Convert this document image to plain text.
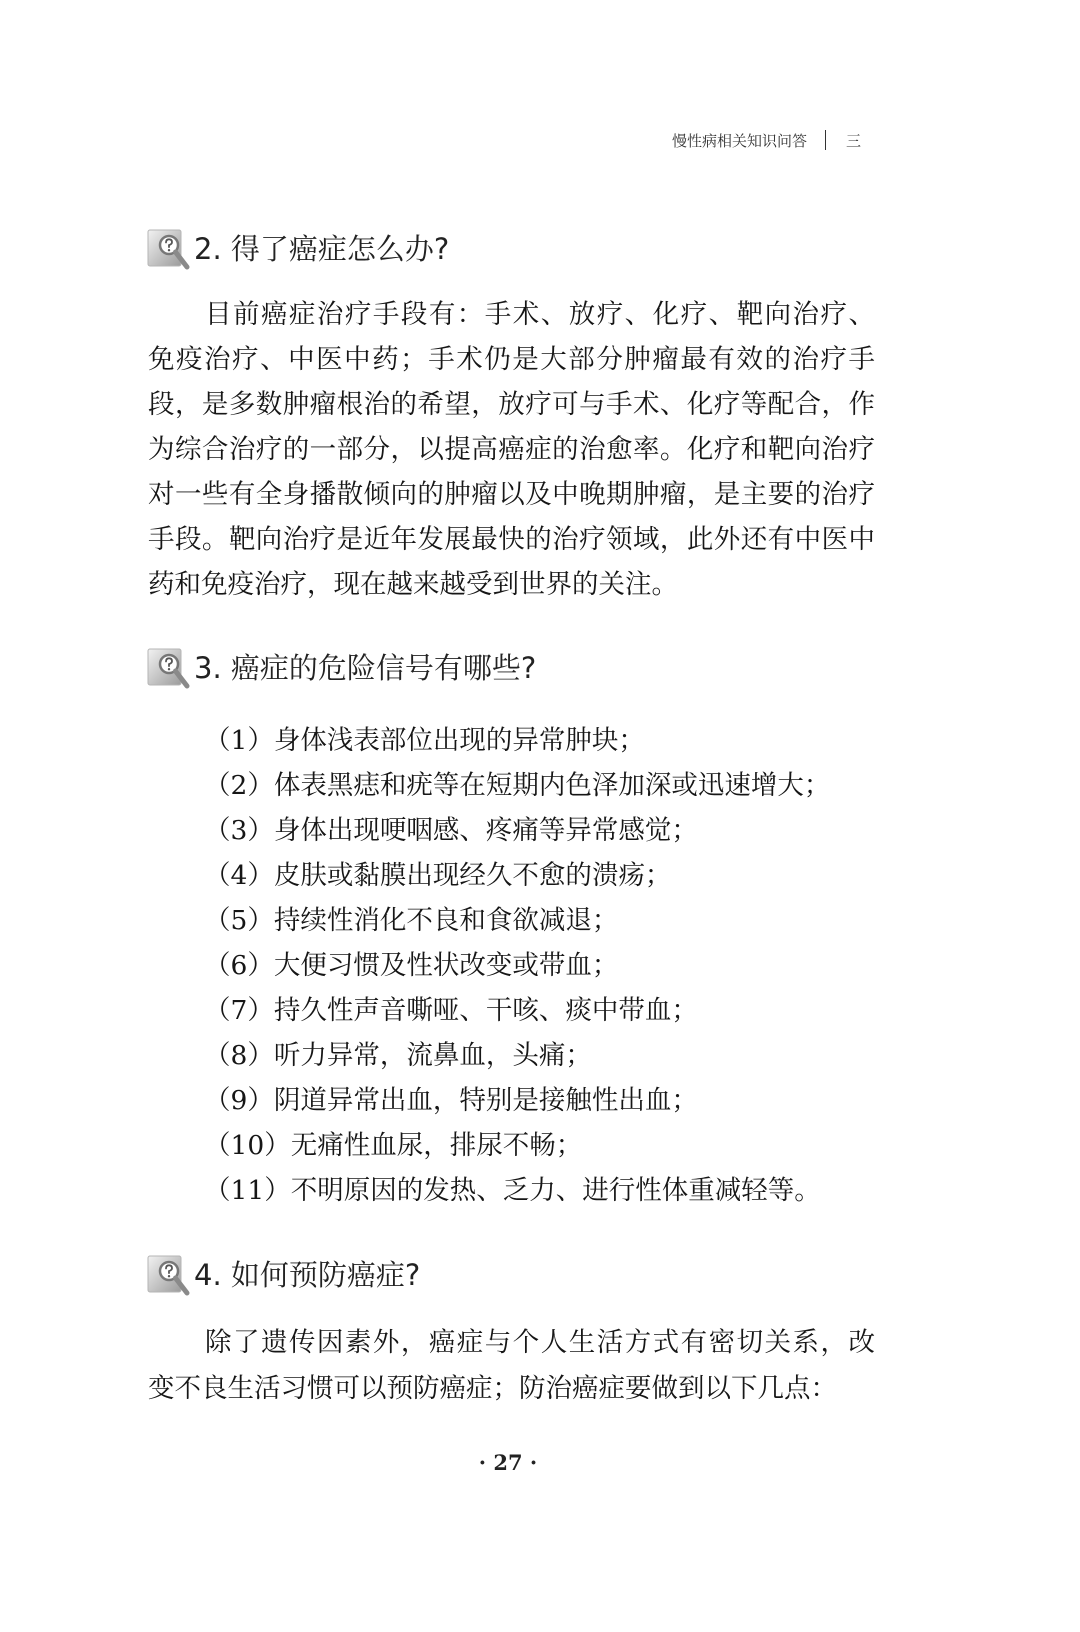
慢性病相关知识问答	三
2. 得了癌症怎么办?
目前癌症治疗手段有：手术、放疗、化疗、靶向治疗、
免疫治疗、中医中药；手术仍是大部分肿瘤最有效的治疗手
段，是多数肿瘤根治的希望，放疗可与手术、化疗等配合，作
为综合治疗的一部分，以提高癌症的治愈率。化疗和靶向治疗
对一些有全身播散倾向的肿瘤以及中晚期肿瘤，是主要的治疗
手段。靶向治疗是近年发展最快的治疗领域，此外还有中医中
药和免疫治疗，现在越来越受到世界的关注。
3. 癌症的危险信号有哪些?
（1）身体浅表部位出现的异常肿块；
（2）体表黑痣和疣等在短期内色泽加深或迅速增大；
（3）身体出现哽咽感、疼痛等异常感觉；
（4）皮肤或黏膜出现经久不愈的溃疡；
（5）持续性消化不良和食欲减退；
（6）大便习惯及性状改变或带血；
（7）持久性声音嘶哑、干咳、痰中带血；
（8）听力异常，流鼻血，头痛；
（9）阴道异常出血，特别是接触性出血；
（10）无痛性血尿，排尿不畅；
（11）不明原因的发热、乏力、进行性体重减轻等。
4. 如何预防癌症?
除了遗传因素外，癌症与个人生活方式有密切关系，改
变不良生活习惯可以预防癌症；防治癌症要做到以下几点：
· 27 ·
